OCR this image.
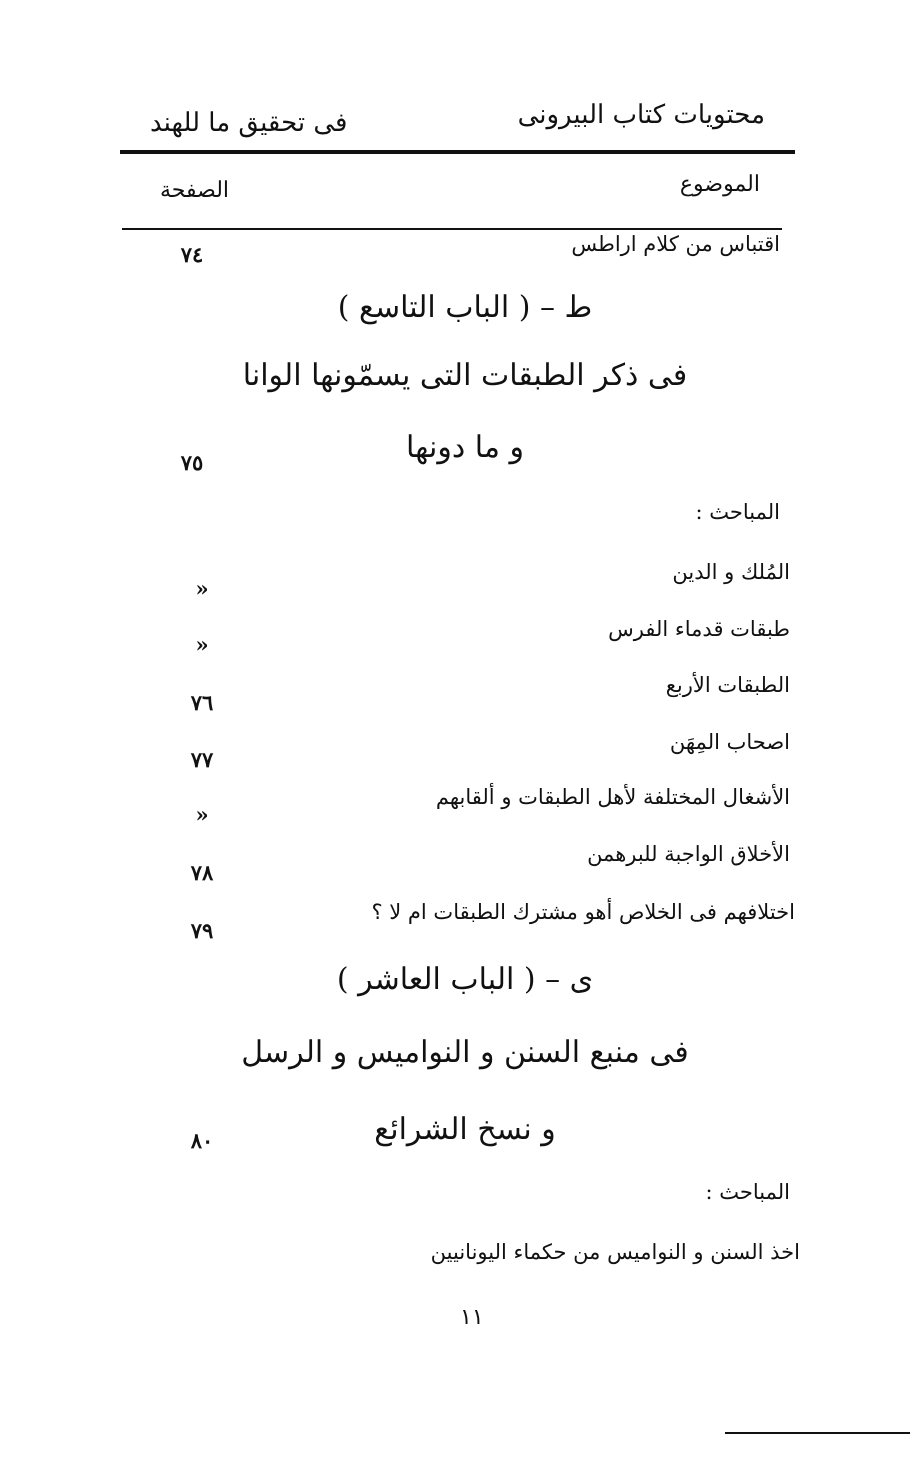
محتويات كتاب البيرونى
فى تحقيق ما للهند
الموضوع
الصفحة
اقتباس من كلام اراطس
٧٤
ط – ( الباب التاسع )
فى ذكر الطبقات التى يسمّونها الوانا
و ما دونها
٧٥
المباحث :
المُلك و الدين
»
طبقات قدماء الفرس
»
الطبقات الأربع
٧٦
اصحاب المِهَن
٧٧
الأشغال المختلفة لأهل الطبقات و ألقابهم
»
الأخلاق الواجبة للبرهمن
٧٨
اختلافهم فى الخلاص أهو مشترك الطبقات ام لا ؟
٧٩
ى – ( الباب العاشر )
فى منبع السنن و النواميس و الرسل
و نسخ الشرائع
٨٠
المباحث :
اخذ السنن و النواميس من حكماء اليونانيين
١١
